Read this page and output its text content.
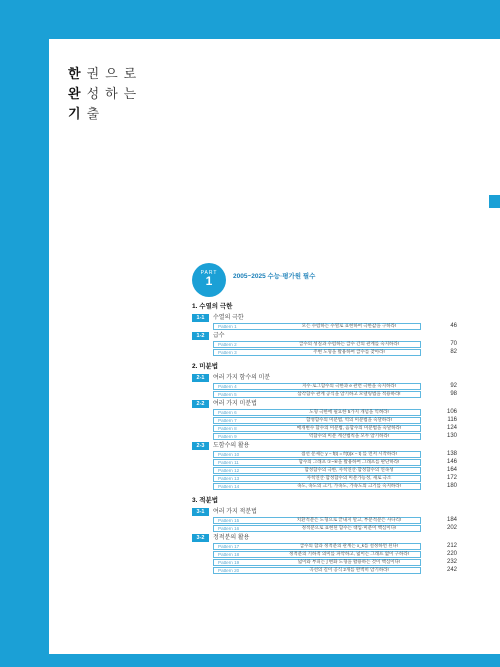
한권으로
완성하는
기출
PART
1	2005~2025 수능·평가원 필수
1. 수열의 극한
1-1	수열의 극한
Pattern 1	모든 수렴하는 수열로 표현하여 극한값을 구하라!	46
1-2	급수
Pattern 2	급수의 성질과 수렴하는 급수 간의 관계를 숙지하라!	70
Pattern 3	주변 도형을 활용하여 급수를 찾아라!	82
2. 미분법
2-1	여러 가지 함수의 미분
Pattern 4	지수·로그함수의 극한과 e 관련 극한을 숙지하라!	92
Pattern 5	삼각함수 관계 공식을 암기하고 모델링법을 적용하라!	98
2-2	여러 가지 미분법
Pattern 6	도형 극한에 필요한 5가지 개념을 익혀라!	106
Pattern 7	합성함수의 미분법, 역의 미분법을 숙달하라!	116
Pattern 8	매개변수 함수의 미분법, 음함수의 미분법을 숙달하라!	124
Pattern 9	역함수의 미분 계산법칙을 모두 암기하라!	130
2-3	도함수의 활용
Pattern 10	접선 문제는 y − f(t) = f'(t)(x − t) 를 먼저 시작하라!	138
Pattern 11	함수의 그래프 ①~⑥을 활용하여 그래프를 판단하라!	146
Pattern 12	합성함수의 극한, 사칙연산·합성함수의 연속성	164
Pattern 13	사칙연산·합성함수의 미분가능성, 새로 극소	172
Pattern 14	속도, 속도의 크기, 가속도, 가속도의 크기를 숙지하라!	180
3. 적분법
3-1	여러 가지 적분법
Pattern 15	치환적분은 도형으로 끝내지 말고, 부분적분은 사다리!	184
Pattern 16	정적분으로 표현된 함수는 대입·미분이 핵심이다!	202
3-2	정적분의 활용
Pattern 17	급수의 합과 정적분의 관계는 x_k를 설정하면 된다!	212
Pattern 18	정적분의 기하적 의미를 파악하고, 넓이는 그래프 없이 구하라!	220
Pattern 19	넓이와 부피는 ∫ 변화 도형을 활용하는 것이 핵심이다!	232
Pattern 20	곡선의 길이 공식 2개를 완벽히 암기하라!	242
